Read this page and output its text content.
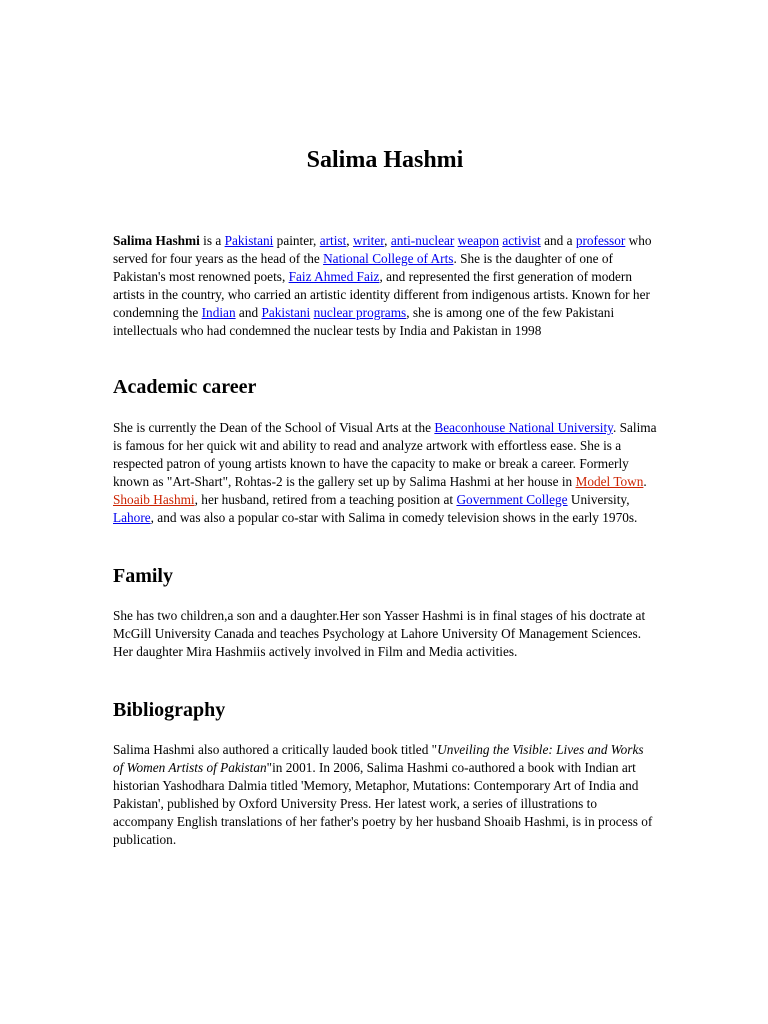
Salima Hashmi

Salima Hashmi is a Pakistani painter, artist, writer, anti-nuclear weapon activist and a professor who served for four years as the head of the National College of Arts. She is the daughter of one of Pakistan's most renowned poets, Faiz Ahmed Faiz, and represented the first generation of modern artists in the country, who carried an artistic identity different from indigenous artists. Known for her condemning the Indian and Pakistani nuclear programs, she is among one of the few Pakistani intellectuals who had condemned the nuclear tests by India and Pakistan in 1998

Academic career

She is currently the Dean of the School of Visual Arts at the Beaconhouse National University. Salima is famous for her quick wit and ability to read and analyze artwork with effortless ease. She is a respected patron of young artists known to have the capacity to make or break a career. Formerly known as "Art-Shart", Rohtas-2 is the gallery set up by Salima Hashmi at her house in Model Town. Shoaib Hashmi, her husband, retired from a teaching position at Government College University, Lahore, and was also a popular co-star with Salima in comedy television shows in the early 1970s.

Family

She has two children,a son and a daughter.Her son Yasser Hashmi is in final stages of his doctrate at McGill University Canada and teaches Psychology at Lahore University Of Management Sciences. Her daughter Mira Hashmiis actively involved in Film and Media activities.

Bibliography

Salima Hashmi also authored a critically lauded book titled "Unveiling the Visible: Lives and Works of Women Artists of Pakistan"in 2001. In 2006, Salima Hashmi co-authored a book with Indian art historian Yashodhara Dalmia titled 'Memory, Metaphor, Mutations: Contemporary Art of India and Pakistan', published by Oxford University Press. Her latest work, a series of illustrations to accompany English translations of her father's poetry by her husband Shoaib Hashmi, is in process of publication.
